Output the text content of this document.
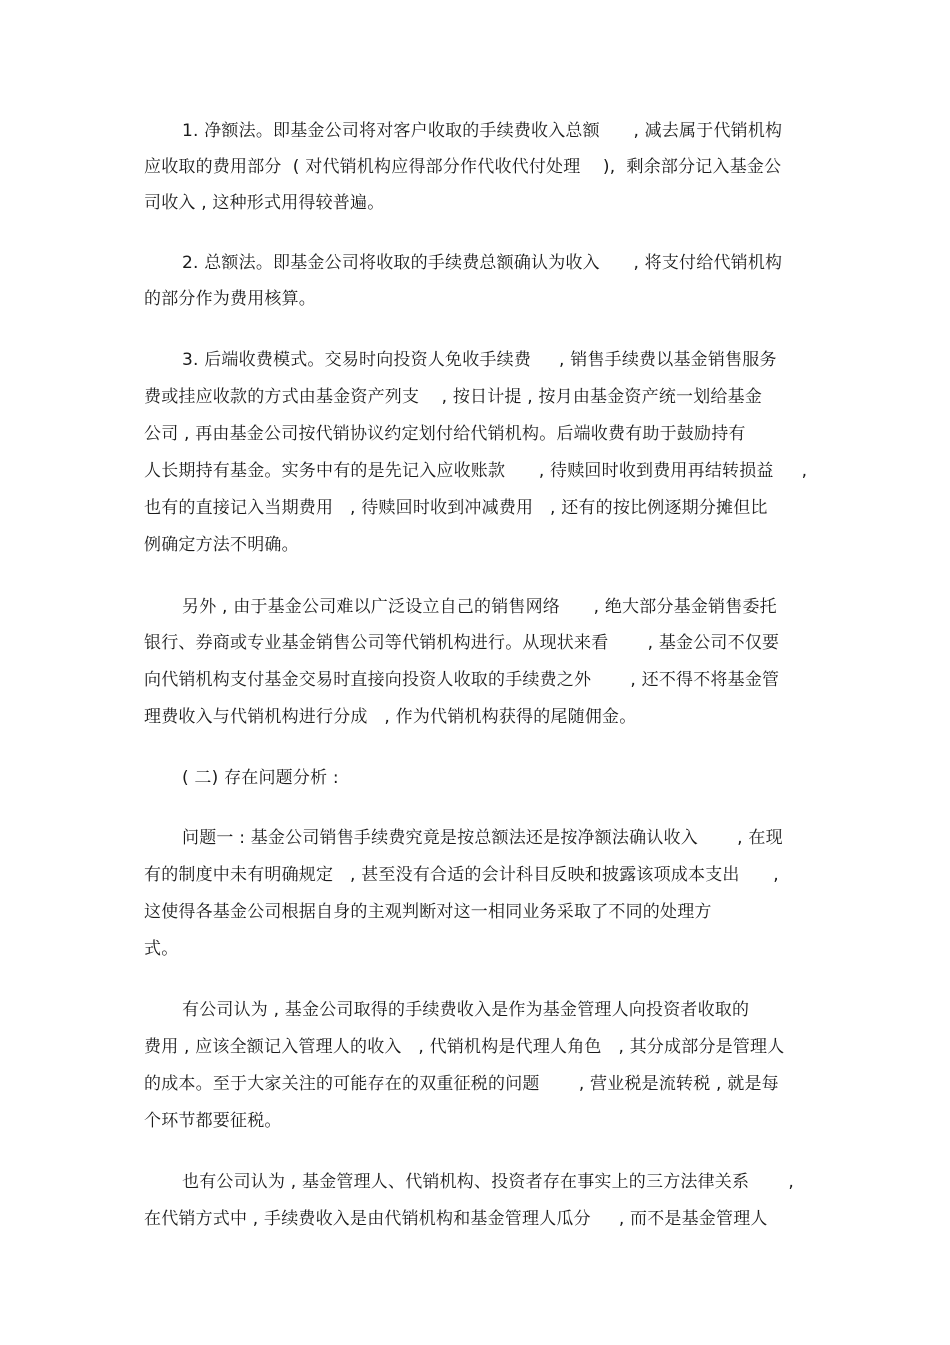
1. 净额法。即基金公司将对客户收取的手续费收入总额      , 减去属于代销机构
应收取的费用部分  ( 对代销机构应得部分作代收代付处理    ),  剩余部分记入基金公
司收入 , 这种形式用得较普遍。
2. 总额法。即基金公司将收取的手续费总额确认为收入      , 将支付给代销机构
的部分作为费用核算。
3. 后端收费模式。交易时向投资人免收手续费     , 销售手续费以基金销售服务
费或挂应收款的方式由基金资产列支    , 按日计提 , 按月由基金资产统一划给基金
公司 , 再由基金公司按代销协议约定划付给代销机构。后端收费有助于鼓励持有
人长期持有基金。实务中有的是先记入应收账款      , 待赎回时收到费用再结转损益     ,
也有的直接记入当期费用   , 待赎回时收到冲减费用   , 还有的按比例逐期分摊但比
例确定方法不明确。
另外 , 由于基金公司难以广泛设立自己的销售网络      , 绝大部分基金销售委托
银行、券商或专业基金销售公司等代销机构进行。从现状来看       , 基金公司不仅要
向代销机构支付基金交易时直接向投资人收取的手续费之外       , 还不得不将基金管
理费收入与代销机构进行分成   , 作为代销机构获得的尾随佣金。
( 二) 存在问题分析 :
问题一 : 基金公司销售手续费究竟是按总额法还是按净额法确认收入       , 在现
有的制度中未有明确规定   , 甚至没有合适的会计科目反映和披露该项成本支出      ,
这使得各基金公司根据自身的主观判断对这一相同业务采取了不同的处理方
式。
有公司认为 , 基金公司取得的手续费收入是作为基金管理人向投资者收取的
费用 , 应该全额记入管理人的收入   , 代销机构是代理人角色   , 其分成部分是管理人
的成本。至于大家关注的可能存在的双重征税的问题       , 营业税是流转税 , 就是每
个环节都要征税。
也有公司认为 , 基金管理人、代销机构、投资者存在事实上的三方法律关系       ,
在代销方式中 , 手续费收入是由代销机构和基金管理人瓜分     , 而不是基金管理人
